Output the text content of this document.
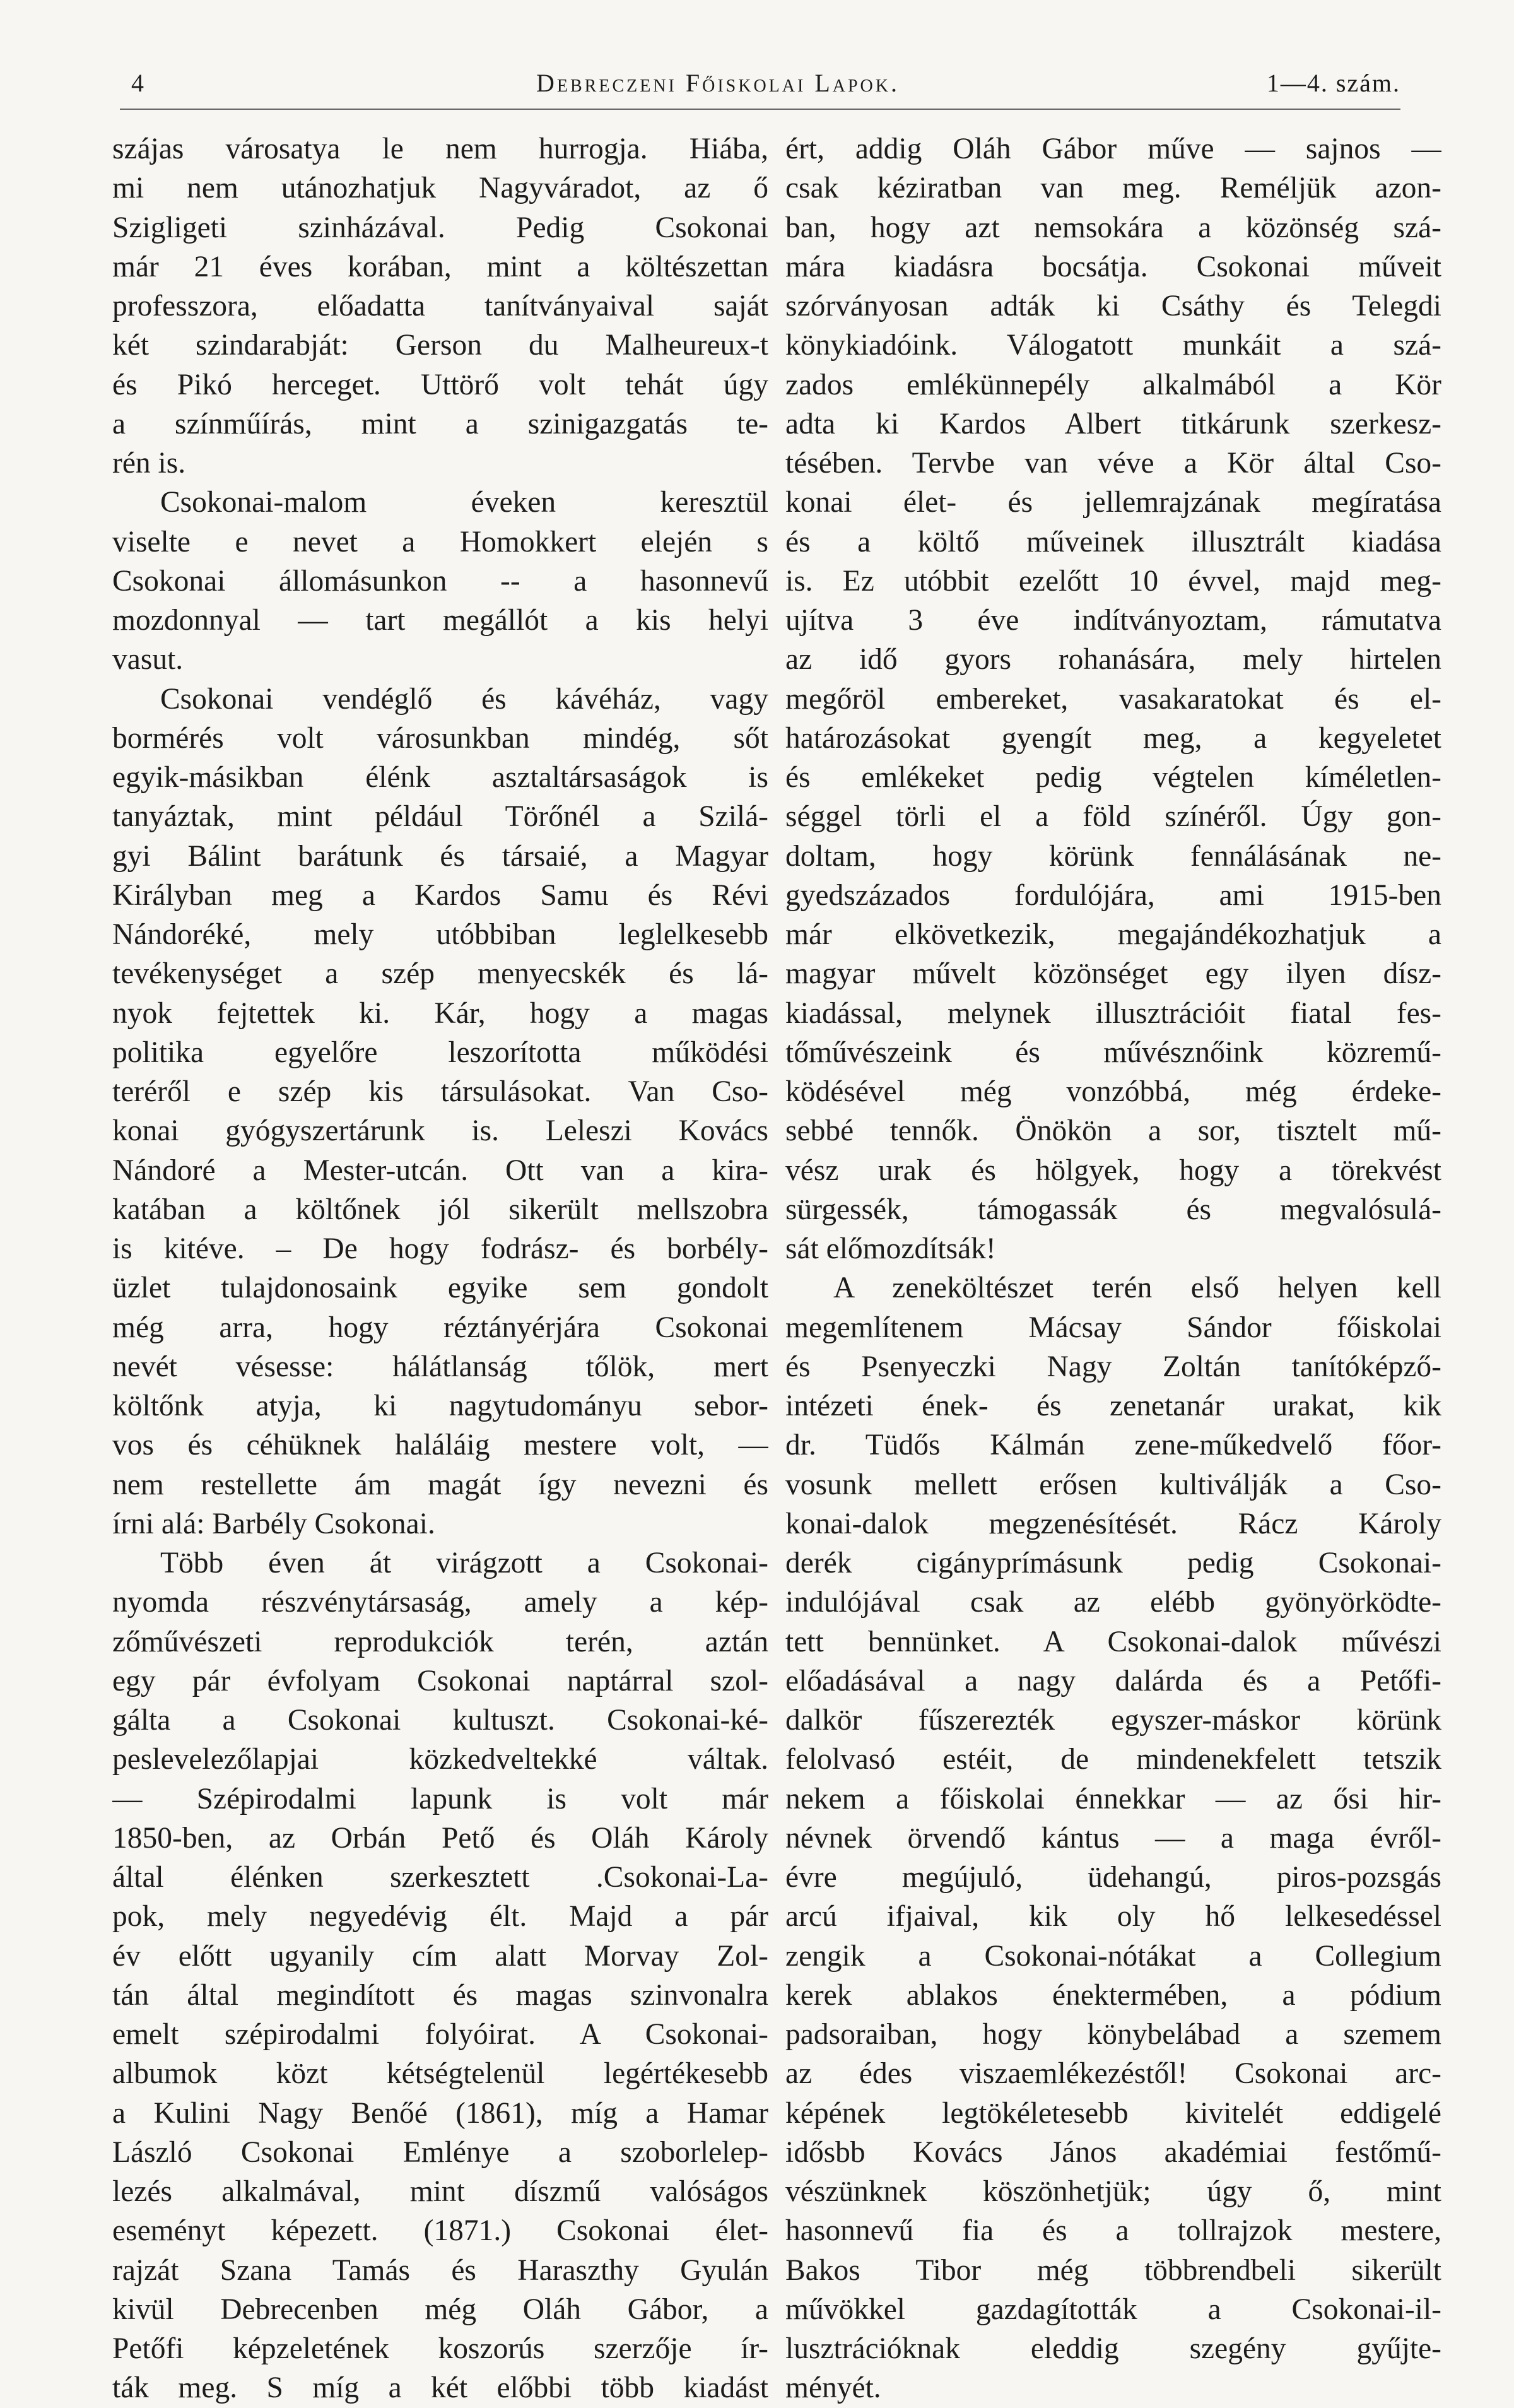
4	Debreczeni Főiskolai Lapok.	1—4. szám.
szájas városatya le nem hurrogja. Hiába,
mi nem utánozhatjuk Nagyváradot, az ő
Szigligeti szinházával. Pedig Csokonai
már 21 éves korában, mint a költészettan
professzora, előadatta tanítványaival saját
két szindarabját: Gerson du Malheureux-t
és Pikó herceget. Uttörő volt tehát úgy
a színműírás, mint a szinigazgatás te-
rén is.
Csokonai-malom éveken keresztül
viselte e nevet a Homokkert elején s
Csokonai állomásunkon -- a hasonnevű
mozdonnyal — tart megállót a kis helyi
vasut.
Csokonai vendéglő és kávéház, vagy
bormérés volt városunkban mindég, sőt
egyik-másikban élénk asztaltársaságok is
tanyáztak, mint például Törőnél a Szilá-
gyi Bálint barátunk és társaié, a Magyar
Királyban meg a Kardos Samu és Révi
Nándoréké, mely utóbbiban leglelkesebb
tevékenységet a szép menyecskék és lá-
nyok fejtettek ki. Kár, hogy a magas
politika egyelőre leszorította működési
teréről e szép kis társulásokat. Van Cso-
konai gyógyszertárunk is. Leleszi Kovács
Nándoré a Mester-utcán. Ott van a kira-
katában a költőnek jól sikerült mellszobra
is kitéve. – De hogy fodrász- és borbély-
üzlet tulajdonosaink egyike sem gondolt
még arra, hogy réztányérjára Csokonai
nevét vésesse: hálátlanság tőlök, mert
költőnk atyja, ki nagytudományu sebor-
vos és céhüknek haláláig mestere volt, —
nem restellette ám magát így nevezni és
írni alá: Barbély Csokonai.
Több éven át virágzott a Csokonai-
nyomda részvénytársaság, amely a kép-
zőművészeti reprodukciók terén, aztán
egy pár évfolyam Csokonai naptárral szol-
gálta a Csokonai kultuszt. Csokonai-ké-
peslevelezőlapjai közkedveltekké váltak.
— Szépirodalmi lapunk is volt már
1850-ben, az Orbán Pető és Oláh Károly
által élénken szerkesztett .Csokonai-La-
pok, mely negyedévig élt. Majd a pár
év előtt ugyanily cím alatt Morvay Zol-
tán által megindított és magas szinvonalra
emelt szépirodalmi folyóirat. A Csokonai-
albumok közt kétségtelenül legértékesebb
a Kulini Nagy Benőé (1861), míg a Hamar
László Csokonai Emlénye a szoborlelep-
lezés alkalmával, mint díszmű valóságos
eseményt képezett. (1871.) Csokonai élet-
rajzát Szana Tamás és Haraszthy Gyulán
kivül Debrecenben még Oláh Gábor, a
Petőfi képzeletének koszorús szerzője ír-
ták meg. S míg a két előbbi több kiadást
ért, addig Oláh Gábor műve — sajnos —
csak kéziratban van meg. Reméljük azon-
ban, hogy azt nemsokára a közönség szá-
mára kiadásra bocsátja. Csokonai műveit
szórványosan adták ki Csáthy és Telegdi
könykiadóink. Válogatott munkáit a szá-
zados emlékünnepély alkalmából a Kör
adta ki Kardos Albert titkárunk szerkesz-
tésében. Tervbe van véve a Kör által Cso-
konai élet- és jellemrajzának megíratása
és a költő műveinek illusztrált kiadása
is. Ez utóbbit ezelőtt 10 évvel, majd meg-
ujítva 3 éve indítványoztam, rámutatva
az idő gyors rohanására, mely hirtelen
megőröl embereket, vasakaratokat és el-
határozásokat gyengít meg, a kegyeletet
és emlékeket pedig végtelen kíméletlen-
séggel törli el a föld színéről. Úgy gon-
doltam, hogy körünk fennálásának ne-
gyedszázados fordulójára, ami 1915-ben
már elkövetkezik, megajándékozhatjuk a
magyar művelt közönséget egy ilyen dísz-
kiadással, melynek illusztrációit fiatal fes-
tőművészeink és művésznőink közremű-
ködésével még vonzóbbá, még érdeke-
sebbé tennők. Önökön a sor, tisztelt mű-
vész urak és hölgyek, hogy a törekvést
sürgessék, támogassák és megvalósulá-
sát előmozdítsák!
A zeneköltészet terén első helyen kell
megemlítenem Mácsay Sándor főiskolai
és Psenyeczki Nagy Zoltán tanítóképző-
intézeti ének- és zenetanár urakat, kik
dr. Tüdős Kálmán zene-műkedvelő főor-
vosunk mellett erősen kultiválják a Cso-
konai-dalok megzenésítését. Rácz Károly
derék cigányprímásunk pedig Csokonai-
indulójával csak az elébb gyönyörködte-
tett bennünket. A Csokonai-dalok művészi
előadásával a nagy dalárda és a Petőfi-
dalkör fűszerezték egyszer-máskor körünk
felolvasó estéit, de mindenekfelett tetszik
nekem a főiskolai énnekkar — az ősi hir-
névnek örvendő kántus — a maga évről-
évre megújuló, üdehangú, piros-pozsgás
arcú ifjaival, kik oly hő lelkesedéssel
zengik a Csokonai-nótákat a Collegium
kerek ablakos énektermében, a pódium
padsoraiban, hogy könybelábad a szemem
az édes viszaemlékezéstől! Csokonai arc-
képének legtökéletesebb kivitelét eddigelé
idősbb Kovács János akadémiai festőmű-
vészünknek köszönhetjük; úgy ő, mint
hasonnevű fia és a tollrajzok mestere,
Bakos Tibor még többrendbeli sikerült
művökkel gazdagították a Csokonai-il-
lusztrációknak eleddig szegény gyűjte-
ményét.
